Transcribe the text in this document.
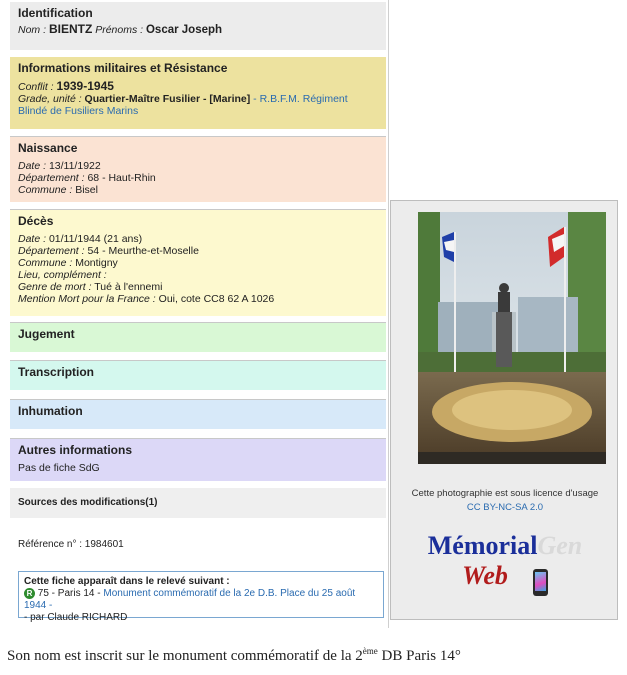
Identification
Nom : BIENTZ Prénoms : Oscar Joseph
Informations militaires et Résistance
Conflit : 1939-1945
Grade, unité : Quartier-Maître Fusilier - [Marine] - R.B.F.M. Régiment Blindé de Fusiliers Marins
Naissance
Date : 13/11/1922
Département : 68 - Haut-Rhin
Commune : Bisel
Décès
Date : 01/11/1944 (21 ans)
Département : 54 - Meurthe-et-Moselle
Commune : Montigny
Lieu, complément :
Genre de mort : Tué à l'ennemi
Mention Mort pour la France : Oui, cote CC8 62 A 1026
Jugement
Transcription
Inhumation
Autres informations
Pas de fiche SdG
Sources des modifications(1)
Référence n° : 1984601
Cette fiche apparaît dans le relevé suivant :
R 75 - Paris 14 - Monument commémoratif de la 2e D.B. Place du 25 août 1944 -
- par Claude RICHARD
Cette photographie est sous licence d'usage
CC BY-NC-SA 2.0
MémorialGen
Web
Son nom est inscrit sur le monument commémoratif de la 2ème DB Paris 14°
